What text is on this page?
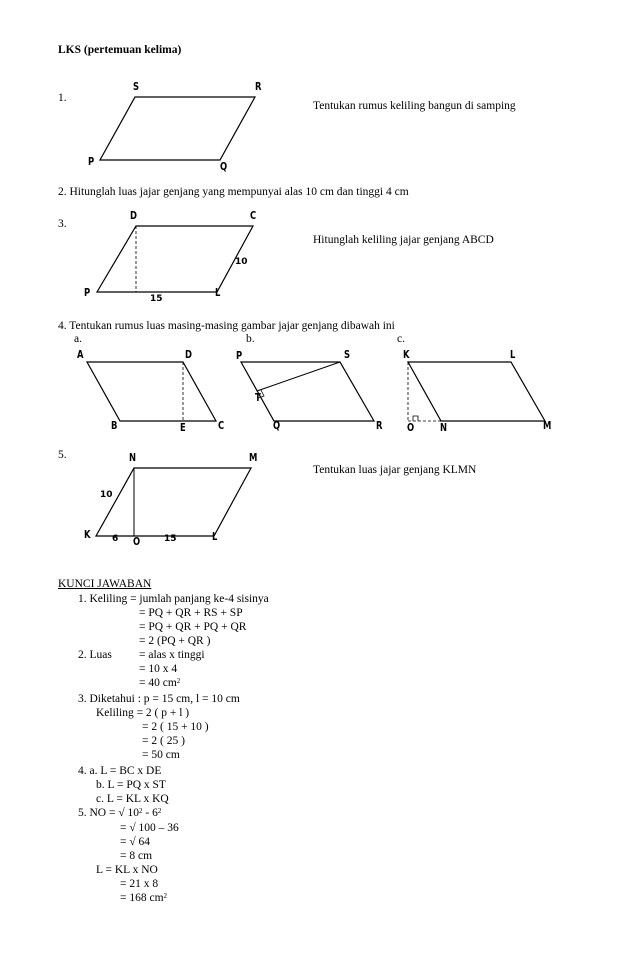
LKS (pertemuan kelima)
1.
S	R
P	Q
Tentukan rumus keliling bangun di samping
2. Hitunglah luas jajar genjang yang mempunyai alas 10 cm dan tinggi 4 cm
3.
D	C
P	L
10
15
Hitunglah keliling jajar genjang ABCD
4. Tentukan rumus luas masing-masing gambar jajar genjang dibawah ini
a.	b.	c.
A	D
B	E	C
P	S
T
Q	R
K	L
O N	M
5.	N	M
K	L
O
10
6	15
Tentukan luas jajar genjang KLMN
KUNCI JAWABAN
1. Keliling = jumlah panjang ke-4 sisinya
= PQ + QR + RS + SP
= PQ + QR + PQ + QR
= 2 (PQ + QR )
2. Luas = alas x tinggi
= 10 x 4
= 40 $cm^2$
3. Diketahui : p = 15 cm, l = 10 cm
Keliling = 2 ( p + l )
= 2 ( 15 + 10 )
= 2 ( 25 )
= 50 cm
4. a. L = BC x DE
b. L = PQ x ST
c. L = KL x KQ
5. NO = √ $10^2 - 6^2$
= √ 100 – 36
= √ 64
= 8 cm
L = KL x NO
= 21 x 8
= 168 $cm^2$
